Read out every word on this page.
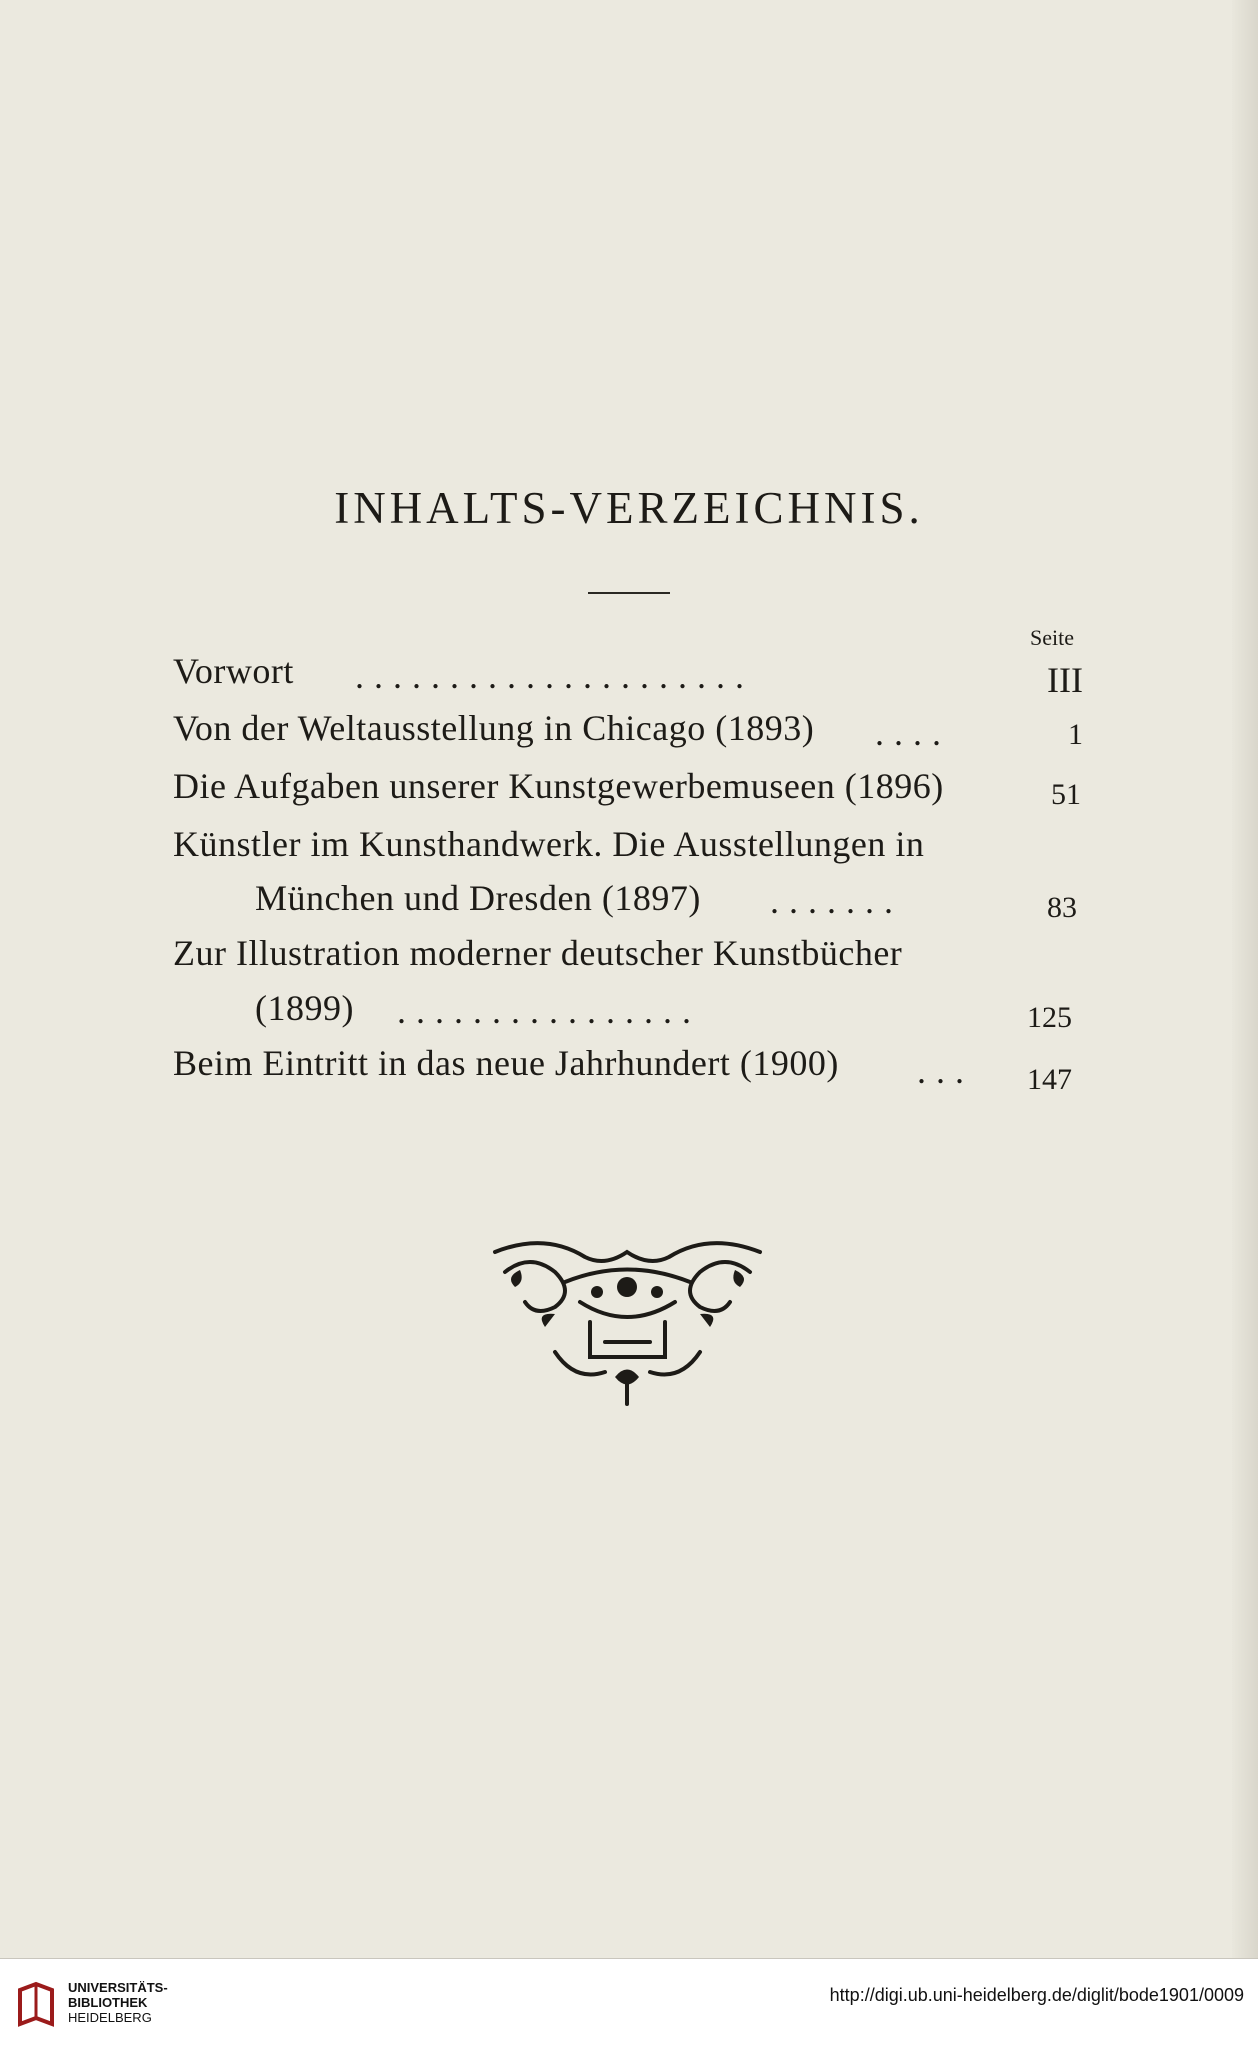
INHALTS-VERZEICHNIS.
Seite
Vorwort .....................	III
Von der Weltausstellung in Chicago (1893) ....	1
Die Aufgaben unserer Kunstgewerbemuseen (1896)	51
Künstler im Kunsthandwerk. Die Ausstellungen in
München und Dresden (1897) .......	83
Zur Illustration moderner deutscher Kunstbücher
(1899) ................	125
Beim Eintritt in das neue Jahrhundert (1900) ... 147
UNIVERSITÄTS-
BIBLIOTHEK
HEIDELBERG
http://digi.ub.uni-heidelberg.de/diglit/bode1901/0009
